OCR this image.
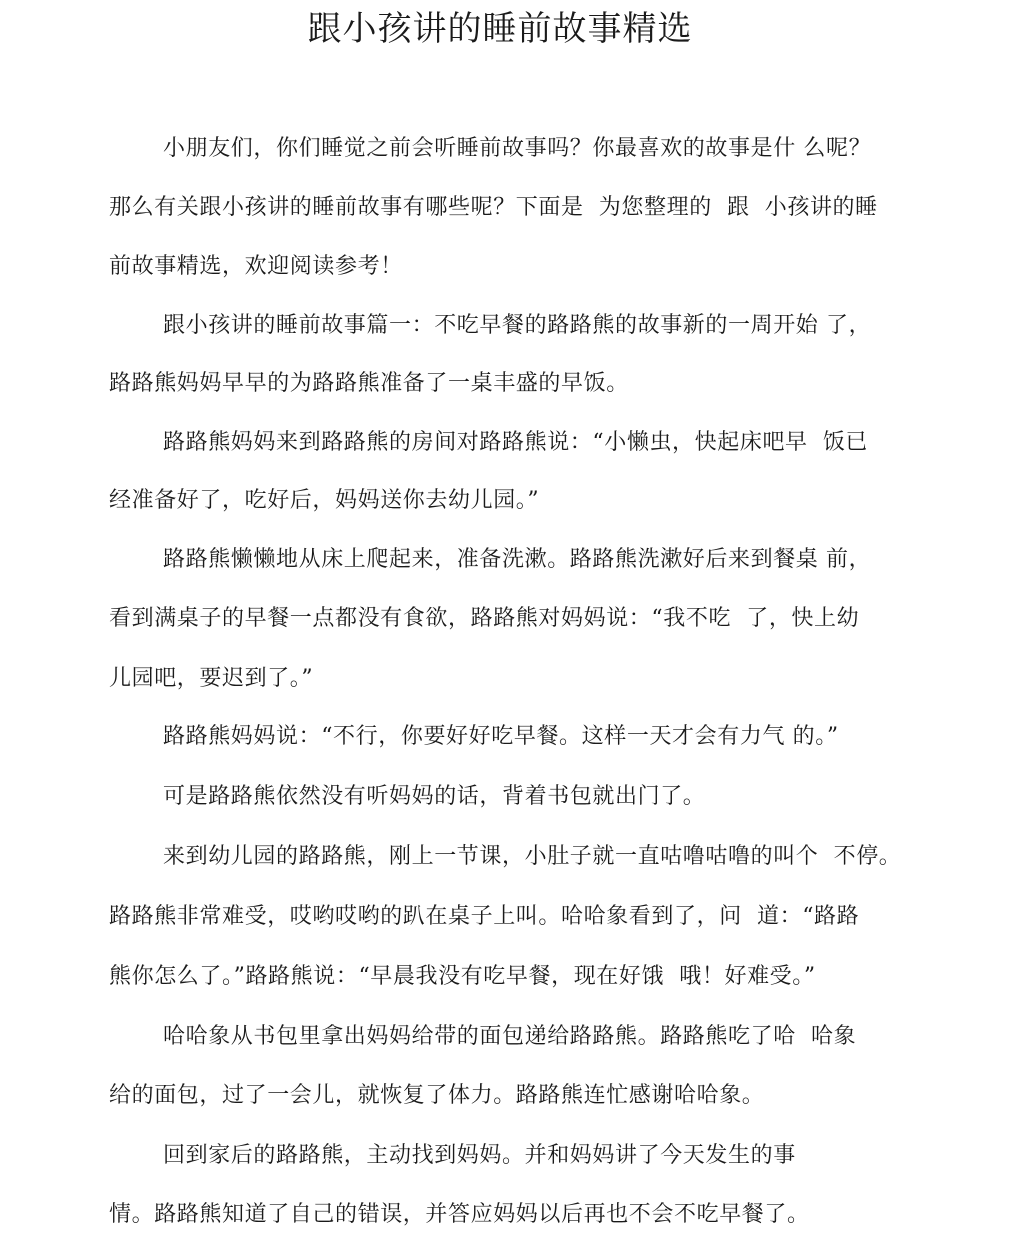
跟小孩讲的睡前故事精选
小朋友们，你们睡觉之前会听睡前故事吗？你最喜欢的故事是什 么呢？
那么有关跟小孩讲的睡前故事有哪些呢？下面是  为您整理的  跟  小孩讲的睡
前故事精选，欢迎阅读参考！
跟小孩讲的睡前故事篇一：不吃早餐的路路熊的故事新的一周开始 了，
路路熊妈妈早早的为路路熊准备了一桌丰盛的早饭。
路路熊妈妈来到路路熊的房间对路路熊说：“小懒虫，快起床吧早  饭已
经准备好了，吃好后，妈妈送你去幼儿园。”
路路熊懒懒地从床上爬起来，准备洗漱。路路熊洗漱好后来到餐桌 前，
看到满桌子的早餐一点都没有食欲，路路熊对妈妈说：“我不吃  了，快上幼
儿园吧，要迟到了。”
路路熊妈妈说：“不行，你要好好吃早餐。这样一天才会有力气 的。”
可是路路熊依然没有听妈妈的话，背着书包就出门了。
来到幼儿园的路路熊，刚上一节课，小肚子就一直咕噜咕噜的叫个  不停。
路路熊非常难受，哎哟哎哟的趴在桌子上叫。哈哈象看到了，问  道：“路路
熊你怎么了。”路路熊说：“早晨我没有吃早餐，现在好饿  哦！好难受。”
哈哈象从书包里拿出妈妈给带的面包递给路路熊。路路熊吃了哈  哈象
给的面包，过了一会儿，就恢复了体力。路路熊连忙感谢哈哈象。
回到家后的路路熊，主动找到妈妈。并和妈妈讲了今天发生的事
情。路路熊知道了自己的错误，并答应妈妈以后再也不会不吃早餐了。
